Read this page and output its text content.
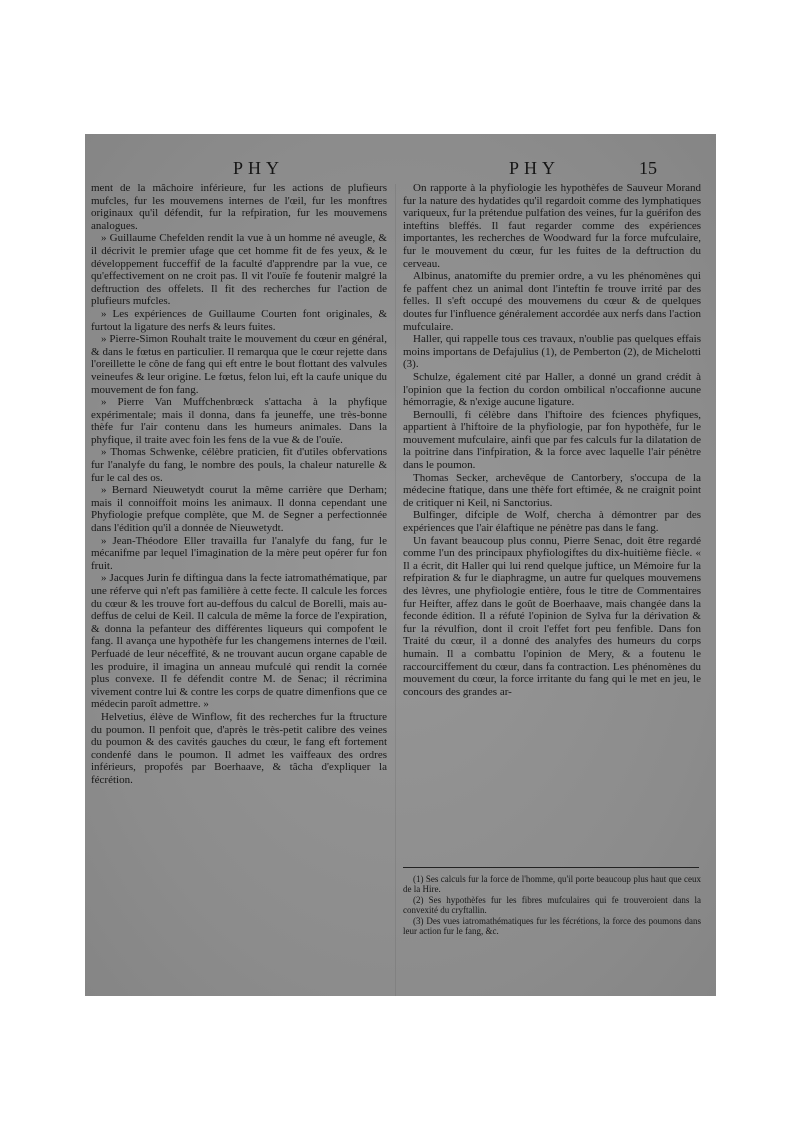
PHY	PHY	15

ment de la mâchoire inférieure, fur les actions de plufieurs mufcles, fur les mouvemens internes de l'œil, fur les monftres originaux qu'il défendit, fur la refpiration, fur les mouvemens analogues.

» Guillaume Chefelden rendit la vue à un homme né aveugle, & il décrivit le premier ufage que cet homme fit de fes yeux, & le développement fucceffif de la faculté d'apprendre par la vue, ce qu'effectivement on ne croit pas. Il vit l'ouïe fe foutenir malgré la deftruction des offelets. Il fit des recherches fur l'action de plufieurs mufcles.

» Les expériences de Guillaume Courten font originales, & furtout la ligature des nerfs & leurs fuites.

» Pierre-Simon Rouhalt traite le mouvement du cœur en général, & dans le fœtus en particulier. Il remarqua que le cœur rejette dans l'oreillette le cône de fang qui eft entre le bout flottant des valvules veineufes & leur origine. Le fœtus, felon lui, eft la caufe unique du mouvement de fon fang.

» Pierre Van Muffchenbrœck s'attacha à la phyfique expérimentale; mais il donna, dans fa jeuneffe, une très-bonne thèfe fur l'air contenu dans les humeurs animales. Dans la phyfique, il traite avec foin les fens de la vue & de l'ouïe.

» Thomas Schwenke, célèbre praticien, fit d'utiles obfervations fur l'analyfe du fang, le nombre des pouls, la chaleur naturelle & fur le cal des os.

» Bernard Nieuwetydt courut la même carrière que Derham; mais il connoiffoit moins les animaux. Il donna cependant une Phyfiologie prefque complète, que M. de Segner a perfectionnée dans l'édition qu'il a donnée de Nieuwetydt.

» Jean-Théodore Eller travailla fur l'analyfe du fang, fur le mécanifme par lequel l'imagination de la mère peut opérer fur fon fruit.

» Jacques Jurin fe diftingua dans la fecte iatromathématique, par une réferve qui n'eft pas familière à cette fecte. Il calcule les forces du cœur & les trouve fort au-deffous du calcul de Borelli, mais au-deffus de celui de Keil. Il calcula de même la force de l'expiration, & donna la pefanteur des différentes liqueurs qui compofent le fang. Il avança une hypothèfe fur les changemens internes de l'œil. Perfuadé de leur néceffité, & ne trouvant aucun organe capable de les produire, il imagina un anneau mufculé qui rendit la cornée plus convexe. Il fe défendit contre M. de Senac; il récrimina vivement contre lui & contre les corps de quatre dimenfions que ce médecin paroît admettre. »

Helvetius, élève de Winflow, fit des recherches fur la ftructure du poumon. Il penfoit que, d'après le très-petit calibre des veines du poumon & des cavités gauches du cœur, le fang eft fortement condenfé dans le poumon. Il admet les vaiffeaux des ordres inférieurs, propofés par Boerhaave, & tâcha d'expliquer la fécrétion.

On rapporte à la phyfiologie les hypothèfes de Sauveur Morand fur la nature des hydatides qu'il regardoit comme des lymphatiques variqueux, fur la prétendue pulfation des veines, fur la guérifon des inteftins bleffés. Il faut regarder comme des expériences importantes, les recherches de Woodward fur la force mufculaire, fur le mouvement du cœur, fur les fuites de la deftruction du cerveau.

Albinus, anatomifte du premier ordre, a vu les phénomènes qui fe paffent chez un animal dont l'inteftin fe trouve irrité par des felles. Il s'eft occupé des mouvemens du cœur & de quelques doutes fur l'influence généralement accordée aux nerfs dans l'action mufculaire.

Haller, qui rappelle tous ces travaux, n'oublie pas quelques effais moins importans de Defajulius (1), de Pemberton (2), de Michelotti (3).

Schulze, également cité par Haller, a donné un grand crédit à l'opinion que la fection du cordon ombilical n'occafionne aucune hémorragie, & n'exige aucune ligature.

Bernoulli, fi célèbre dans l'hiftoire des fciences phyfiques, appartient à l'hiftoire de la phyfiologie, par fon hypothèfe, fur le mouvement mufculaire, ainfi que par fes calculs fur la dilatation de la poitrine dans l'infpiration, & la force avec laquelle l'air pénètre dans le poumon.

Thomas Secker, archevêque de Cantorbery, s'occupa de la médecine ftatique, dans une thèfe fort eftimée, & ne craignit point de critiquer ni Keil, ni Sanctorius.

Bulfinger, difciple de Wolf, chercha à démontrer par des expériences que l'air élaftique ne pénètre pas dans le fang.

Un favant beaucoup plus connu, Pierre Senac, doit être regardé comme l'un des principaux phyfiologiftes du dix-huitième fiècle. « Il a écrit, dit Haller qui lui rend quelque juftice, un Mémoire fur la refpiration & fur le diaphragme, un autre fur quelques mouvemens des lèvres, une phyfiologie entière, fous le titre de Commentaires fur Heifter, affez dans le goût de Boerhaave, mais changée dans la feconde édition. Il a réfuté l'opinion de Sylva fur la dérivation & fur la révulfion, dont il croit l'effet fort peu fenfible. Dans fon Traité du cœur, il a donné des analyfes des humeurs du corps humain. Il a combattu l'opinion de Mery, & a foutenu le raccourciffement du cœur, dans fa contraction. Les phénomènes du mouvement du cœur, la force irritante du fang qui le met en jeu, le concours des grandes ar-

(1) Ses calculs fur la force de l'homme, qu'il porte beaucoup plus haut que ceux de la Hire.

(2) Ses hypothèfes fur les fibres mufculaires qui fe trouveroient dans la convexité du cryftallin.

(3) Des vues iatromathématiques fur les fécrétions, la force des poumons dans leur action fur le fang, &c.
